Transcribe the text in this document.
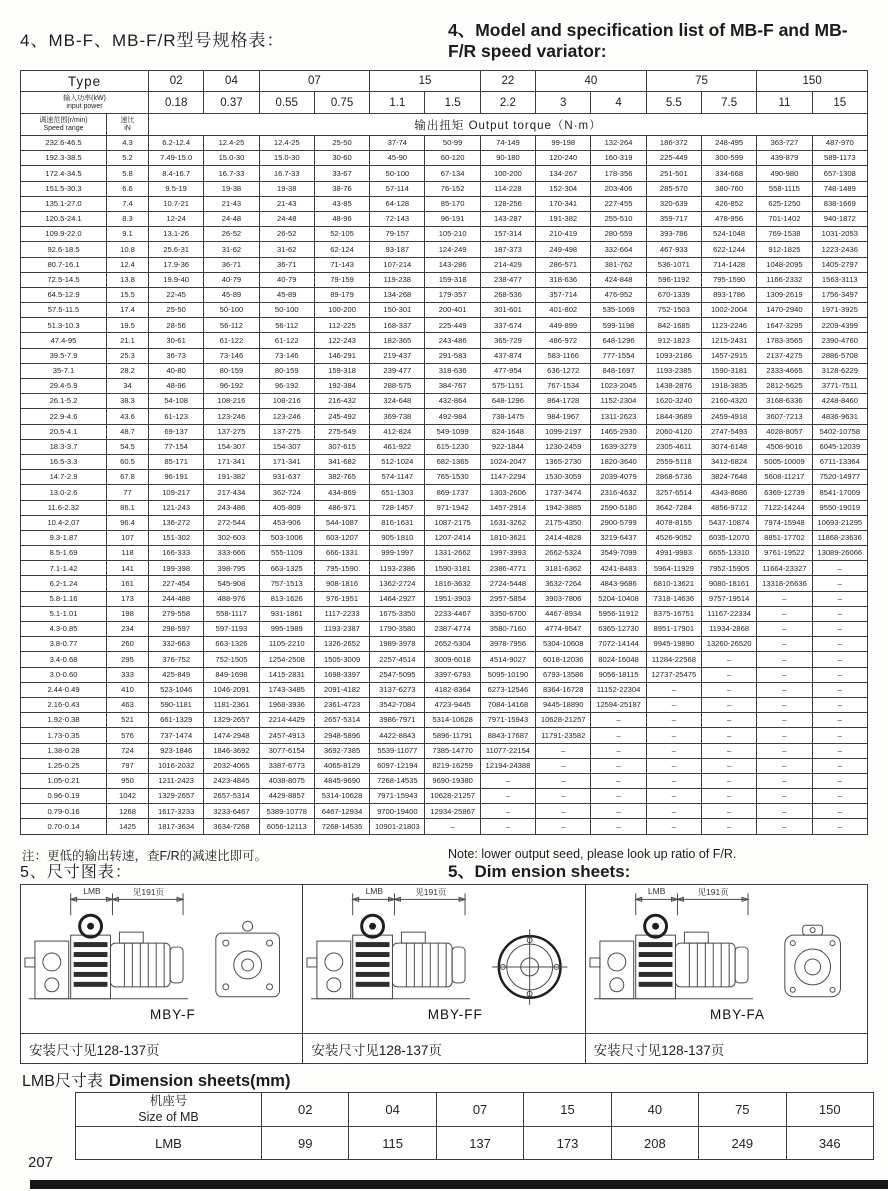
4、MB-F、MB-F/R型号规格表：
4、Model and specification list of MB-F and MB-F/R speed variator:
Type		02	04	07		15		22	40		75		150	

输入功率(kW)
input power		0.18	0.37	0.55	0.75	1.1	1.5	2.2	3	4	5.5	7.5	11	15

调速范围(r/min)
Speed range

速比
iN	输出扭矩 Output torque（N·m）
232.6-46.5	4.3	6.2-12.4	12.4-25	12.4-25	25-50	37-74	50-99	74-149	99-198	132-264	186-372	248-495	363-727	487-970
192.3-38.5	5.2	7.49-15.0	15.0-30	15.0-30	30-60	45-90	60-120	90-180	120-240	160-319	225-449	300-599	439-879	589-1173
172.4-34.5	5.8	8.4-16.7	16.7-33	16.7-33	33-67	50-100	67-134	100-200	134-267	178-356	251-501	334-668	490-980	657-1308
151.5-30.3	6.6	9.5-19	19-38	19-38	38-76	57-114	76-152	114-228	152-304	203-406	285-570	380-760	558-1115	748-1489
135.1-27.0	7.4	10.7-21	21-43	21-43	43-85	64-128	85-170	128-256	170-341	227-455	320-639	426-852	625-1250	838-1669
120.5-24.1	8.3	12-24	24-48	24-48	48-96	72-143	96-191	143-287	191-382	255-510	359-717	478-956	701-1402	940-1872
109.9-22.0	9.1	13.1-26	26-52	26-52	52-105	79-157	105-210	157-314	210-419	280-559	393-786	524-1048	769-1538	1031-2053
92.6-18.5	10.8	25.6-31	31-62	31-62	62-124	93-187	124-249	187-373	249-498	332-664	467-933	622-1244	912-1825	1223-2436
80.7-16.1	12.4	17.9-36	36-71	36-71	71-143	107-214	143-286	214-429	286-571	381-762	536-1071	714-1428	1048-2095	1405-2797
72.5-14.5	13.8	19.9-40	40-79	40-79	79-159	119-238	159-318	238-477	318-636	424-848	596-1192	795-1590	1166-2332	1563-3113
64.5-12.9	15.5	22-45	45-89	45-89	89-179	134-268	179-357	268-536	357-714	476-952	670-1339	893-1786	1309-2619	1756-3497
57.5-11.5	17.4	25-50	50-100	50-100	100-200	150-301	200-401	301-601	401-802	535-1069	752-1503	1002-2004	1470-2940	1971-3925
51.3-10.3	19.5	28-56	56-112	56-112	112-225	168-337	225-449	337-674	449-899	599-1198	842-1685	1123-2246	1647-3295	2209-4399
47.4-95	21.1	30-61	61-122	61-122	122-243	182-365	243-486	365-729	486-972	648-1296	912-1823	1215-2431	1783-3565	2390-4760
39.5-7.9	25.3	36-73	73-146	73-146	146-291	219-437	291-583	437-874	583-1166	777-1554	1093-2186	1457-2915	2137-4275	2886-5708
35-7.1	28.2	40-80	80-159	80-159	159-318	239-477	318-636	477-954	636-1272	848-1697	1193-2385	1590-3181	2333-4665	3128-6229
29.4-5.9	34	48-96	96-192	96-192	192-384	288-575	384-767	575-1151	767-1534	1023-2045	1438-2876	1918-3835	2812-5625	3771-7511
26.1-5.2	38.3	54-108	108-216	108-216	216-432	324-648	432-864	648-1296	864-1728	1152-2304	1620-3240	2160-4320	3168-6336	4248-8460
22.9-4.6	43.6	61-123	123-246	123-246	245-492	369-738	492-984	738-1475	984-1967	1311-2623	1844-3689	2459-4918	3607-7213	4836-9631
20.5-4.1	48.7	69-137	137-275	137-275	275-549	412-824	549-1099	824-1648	1099-2197	1465-2930	2060-4120	2747-5493	4028-8057	5402-10758
18.3-3.7	54.5	77-154	154-307	154-307	307-615	461-922	615-1230	922-1844	1230-2459	1639-3279	2305-4611	3074-6148	4508-9016	6045-12039
16.5-3.3	60.5	85-171	171-341	171-341	341-682	512-1024	682-1365	1024-2047	1365-2730	1820-3640	2559-5118	3412-6824	5005-10009	6711-13364
14.7-2.9	67.8	96-191	191-382	931-637	382-765	574-1147	765-1530	1147-2294	1530-3059	2039-4079	2868-5736	3824-7648	5608-11217	7520-14977
13.0-2.6	77	109-217	217-434	362-724	434-869	651-1303	869-1737	1303-2606	1737-3474	2316-4632	3257-6514	4343-8686	6369-12739	8541-17009
11.6-2.32	86.1	121-243	243-486	405-809	486-971	728-1457	971-1942	1457-2914	1942-3885	2590-5180	3642-7284	4856-9712	7122-14244	9550-19019
10.4-2.07	96.4	136-272	272-544	453-906	544-1087	816-1631	1087-2175	1631-3262	2175-4350	2900-5799	4078-8155	5437-10874	7974-15948	10693-21295
9.3-1.87	107	151-302	302-603	503-1006	603-1207	905-1810	1207-2414	1810-3621	2414-4828	3219-6437	4526-9052	6035-12070	8851-17702	11868-23636
8.5-1.69	118	166-333	333-666	555-1109	666-1331	999-1997	1331-2662	1997-3993	2662-5324	3549-7099	4991-9983	6655-13310	9761-19522	13089-26066
7.1-1.42	141	199-398	398-795	663-1325	795-1590	1193-2386	1590-3181	2386-4771	3181-6362	4241-8483	5964-11929	7952-15905	11664-23327	–
6.2-1.24	161	227-454	545-908	757-1513	908-1816	1362-2724	1816-3632	2724-5448	3632-7264	4843-9686	6810-13621	9080-18161	13318-26636	–
5.8-1.16	173	244-488	488-976	813-1626	976-1951	1464-2927	1951-3903	2957-5854	3903-7806	5204-10408	7318-14636	9757-19514	–	–
5.1-1.01	198	279-558	558-1117	931-1861	1117-2233	1675-3350	2233-4467	3350-6700	4467-8934	5956-11912	8375-16751	11167-22334	–	–
4.3-0.85	234	298-597	597-1193	995-1989	1193-2387	1790-3580	2387-4774	3580-7160	4774-9547	6365-12730	8951-17901	11934-2868	–	–
3.8-0.77	260	332-663	663-1326	1105-2210	1326-2652	1989-3978	2652-5304	3978-7956	5304-10608	7072-14144	9945-19890	13260-26520	–	–
3.4-0.68	295	376-752	752-1505	1254-2508	1505-3009	2257-4514	3009-6018	4514-9027	6018-12036	8024-16048	11284-22568	–	–	–
3.0-0.60	333	425-849	849-1698	1415-2831	1698-3397	2547-5095	3397-6793	5095-10190	6793-13586	9056-18115	12737-25475	–	–	–
2.44-0.49	410	523-1046	1046-2091	1743-3485	2091-4182	3137-6273	4182-8364	6273-12546	8364-16728	11152-22304	–	–	–	–
2.16-0.43	463	590-1181	1181-2361	1968-3936	2361-4723	3542-7084	4723-9445	7084-14168	9445-18890	12594-25187	–	–	–	–
1.92-0.38	521	661-1329	1329-2657	2214-4429	2657-5314	3986-7971	5314-10628	7971-15943	10628-21257	–	–	–	–	–
1.73-0.35	576	737-1474	1474-2948	2457-4913	2948-5896	4422-8843	5896-11791	8843-17687	11791-23582	–	–	–	–	–
1.38-0.28	724	923-1846	1846-3692	3077-6154	3692-7385	5539-11077	7385-14770	11077-22154	–	–	–	–	–	–
1.25-0.25	797	1016-2032	2032-4065	3387-6773	4065-8129	6097-12194	8219-16259	12194-24388	–	–	–	–	–	–
1.05-0.21	950	1211-2423	2423-4845	4038-8075	4845-9690	7268-14535	9690-19380	–	–	–	–	–	–	–
0.96-0.19	1042	1329-2657	2657-5314	4429-8857	5314-10628	7971-15943	10628-21257	–	–	–	–	–	–	–
0.79-0.16	1268	1617-3233	3233-6467	5389-10778	6467-12934	9700-19400	12934-25867	–	–	–	–	–	–	–
0.70-0.14	1425	1817-3634	3634-7268	6056-12113	7268-14535	10901-21803	–	–	–	–	–	–	–	–
注：更低的输出转速，查F/R的减速比即可。	Note: lower output seed, please look up ratio of F/R.
5、尺寸图表：	5、Dim ension sheets:
LMB	见191页
MBY-F
安装尺寸见128-137页
LMB	见191页
MBY-FF
安装尺寸见128-137页
LMB	见191页
MBY-FA
安装尺寸见128-137页
LMB尺寸表 Dimension sheets(mm)
机座号
Size of MB	02	04	07	15	40	75	150
LMB	99	115	137	173	208	249	346
207
